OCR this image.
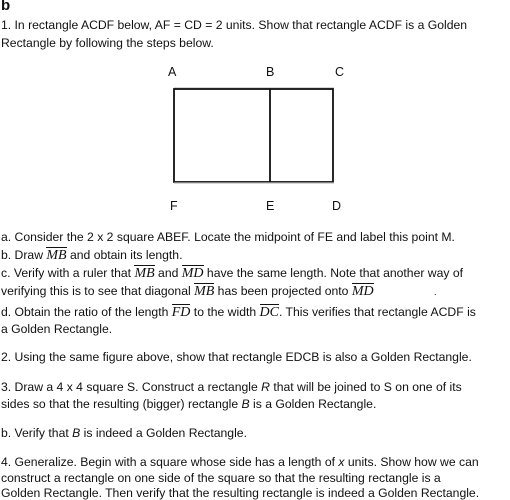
b
1. In rectangle ACDF below, AF = CD = 2 units. Show that rectangle ACDF is a Golden
Rectangle by following the steps below.
A	B	C
F	E	D
a. Consider the 2 x 2 square ABEF. Locate the midpoint of FE and label this point M.
b. Draw MB and obtain its length.
c. Verify with a ruler that MB and MD have the same length. Note that another way of
verifying this is to see that diagonal MB has been projected onto MD	.
d. Obtain the ratio of the length FD to the width DC. This verifies that rectangle ACDF is
a Golden Rectangle.
2. Using the same figure above, show that rectangle EDCB is also a Golden Rectangle.
3. Draw a 4 x 4 square S. Construct a rectangle R that will be joined to S on one of its
sides so that the resulting (bigger) rectangle B is a Golden Rectangle.
b. Verify that B is indeed a Golden Rectangle.
4. Generalize. Begin with a square whose side has a length of x units. Show how we can
construct a rectangle on one side of the square so that the resulting rectangle is a
Golden Rectangle. Then verify that the resulting rectangle is indeed a Golden Rectangle.
